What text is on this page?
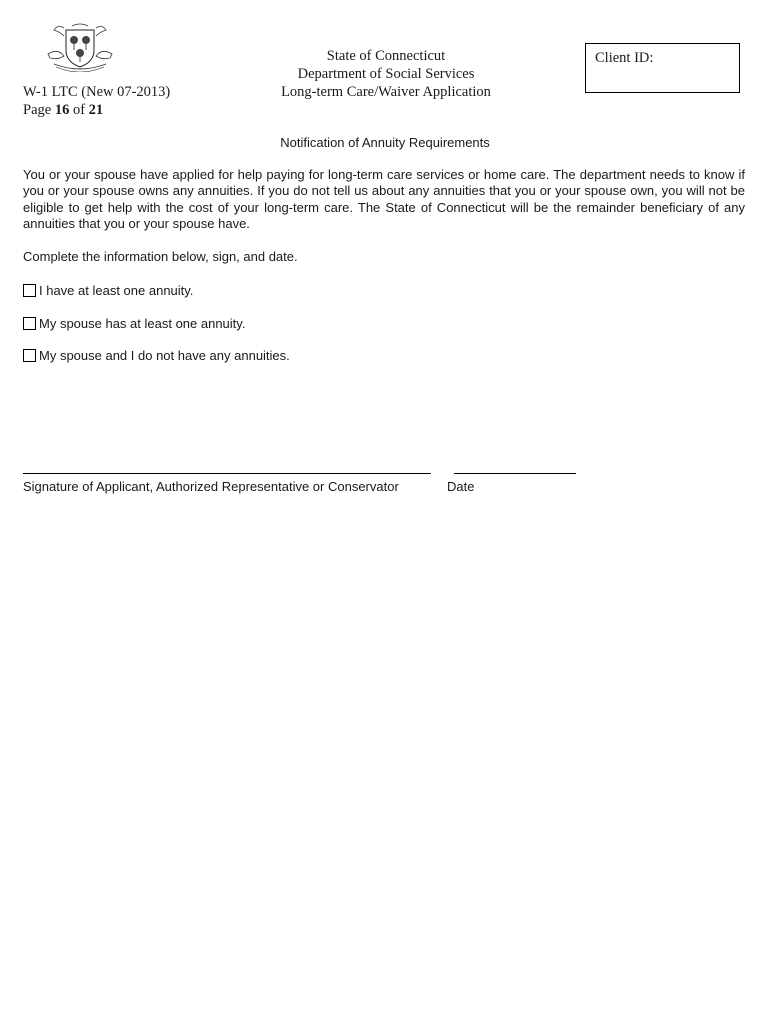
W-1 LTC (New 07-2013)
Page 16 of 21
State of Connecticut
Department of Social Services
Long-term Care/Waiver Application
Client ID:
Notification of Annuity Requirements
You or your spouse have applied for help paying for long-term care services or home care. The department needs to know if you or your spouse owns any annuities. If you do not tell us about any annuities that you or your spouse own, you will not be eligible to get help with the cost of your long-term care. The State of Connecticut will be the remainder beneficiary of any annuities that you or your spouse have.
Complete the information below, sign, and date.
I have at least one annuity.
My spouse has at least one annuity.
My spouse and I do not have any annuities.
Signature of Applicant, Authorized Representative or Conservator	Date
